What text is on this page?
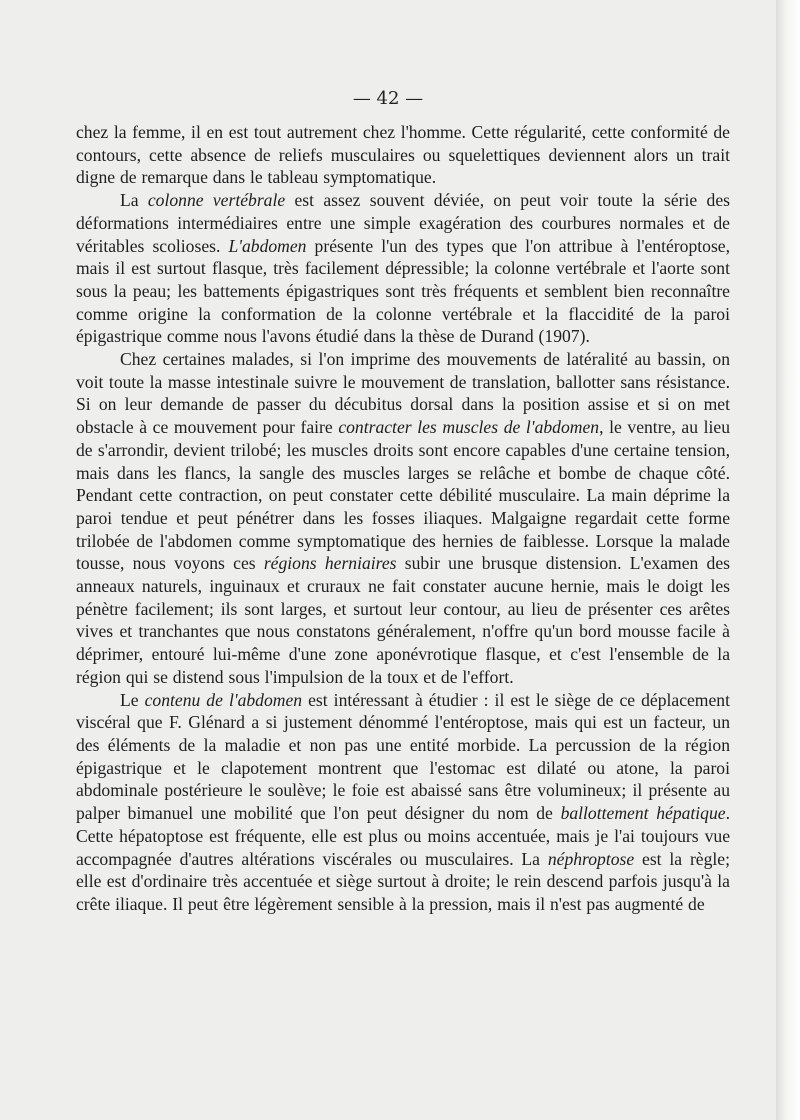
— 42 —

chez la femme, il en est tout autrement chez l'homme. Cette régularité, cette conformité de contours, cette absence de reliefs musculaires ou squelettiques deviennent alors un trait digne de remarque dans le tableau symptomatique.

La colonne vertébrale est assez souvent déviée, on peut voir toute la série des déformations intermédiaires entre une simple exagération des courbures normales et de véritables scolioses. L'abdomen présente l'un des types que l'on attribue à l'entéroptose, mais il est surtout flasque, très facilement dépressible; la colonne vertébrale et l'aorte sont sous la peau; les battements épigastriques sont très fréquents et semblent bien reconnaître comme origine la conformation de la colonne vertébrale et la flaccidité de la paroi épigastrique comme nous l'avons étudié dans la thèse de Durand (1907).

Chez certaines malades, si l'on imprime des mouvements de latéralité au bassin, on voit toute la masse intestinale suivre le mouvement de translation, ballotter sans résistance. Si on leur demande de passer du décubitus dorsal dans la position assise et si on met obstacle à ce mouvement pour faire contracter les muscles de l'abdomen, le ventre, au lieu de s'arrondir, devient trilobé; les muscles droits sont encore capables d'une certaine tension, mais dans les flancs, la sangle des muscles larges se relâche et bombe de chaque côté. Pendant cette contraction, on peut constater cette débilité musculaire. La main déprime la paroi tendue et peut pénétrer dans les fosses iliaques. Malgaigne regardait cette forme trilobée de l'abdomen comme symptomatique des hernies de faiblesse. Lorsque la malade tousse, nous voyons ces régions herniaires subir une brusque distension. L'examen des anneaux naturels, inguinaux et cruraux ne fait constater aucune hernie, mais le doigt les pénètre facilement; ils sont larges, et surtout leur contour, au lieu de présenter ces arêtes vives et tranchantes que nous constatons généralement, n'offre qu'un bord mousse facile à déprimer, entouré lui-même d'une zone aponévrotique flasque, et c'est l'ensemble de la région qui se distend sous l'impulsion de la toux et de l'effort.

Le contenu de l'abdomen est intéressant à étudier : il est le siège de ce déplacement viscéral que F. Glénard a si justement dénommé l'entéroptose, mais qui est un facteur, un des éléments de la maladie et non pas une entité morbide. La percussion de la région épigastrique et le clapotement montrent que l'estomac est dilaté ou atone, la paroi abdominale postérieure le soulève; le foie est abaissé sans être volumineux; il présente au palper bimanuel une mobilité que l'on peut désigner du nom de ballottement hépatique. Cette hépatoptose est fréquente, elle est plus ou moins accentuée, mais je l'ai toujours vue accompagnée d'autres altérations viscérales ou musculaires. La néphroptose est la règle; elle est d'ordinaire très accentuée et siège surtout à droite; le rein descend parfois jusqu'à la crête iliaque. Il peut être légèrement sensible à la pression, mais il n'est pas augmenté de
